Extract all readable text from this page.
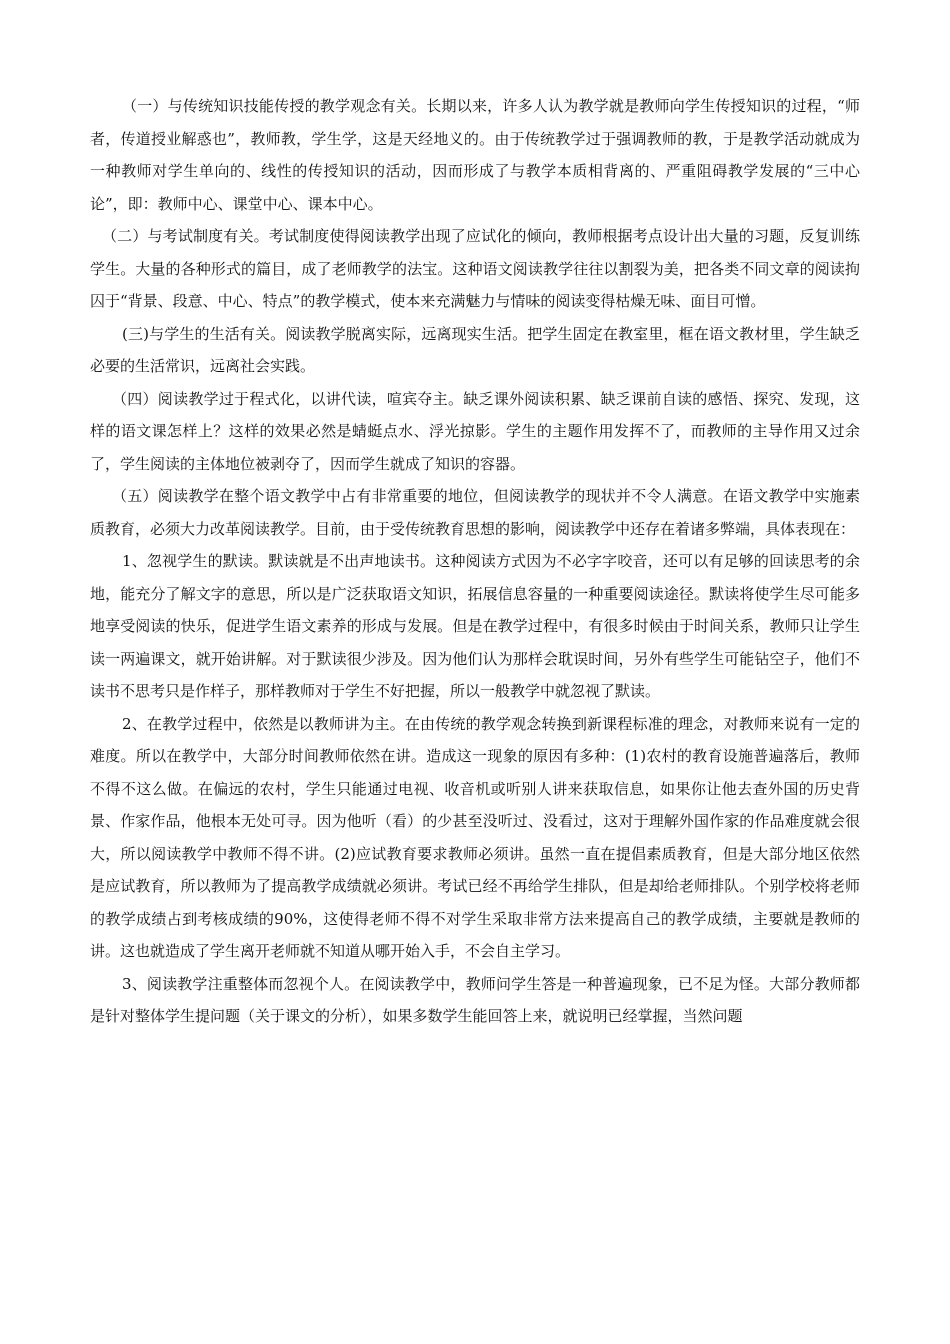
（一）与传统知识技能传授的教学观念有关。长期以来，许多人认为教学就是教师向学生传授知识的过程，“师者，传道授业解惑也”，教师教，学生学，这是天经地义的。由于传统教学过于强调教师的教，于是教学活动就成为一种教师对学生单向的、线性的传授知识的活动，因而形成了与教学本质相背离的、严重阻碍教学发展的“三中心论”，即：教师中心、课堂中心、课本中心。

（二）与考试制度有关。考试制度使得阅读教学出现了应试化的倾向，教师根据考点设计出大量的习题，反复训练学生。大量的各种形式的篇目，成了老师教学的法宝。这种语文阅读教学往往以割裂为美，把各类不同文章的阅读拘囚于“背景、段意、中心、特点”的教学模式，使本来充满魅力与情味的阅读变得枯燥无味、面目可憎。

(三)与学生的生活有关。阅读教学脱离实际，远离现实生活。把学生固定在教室里，框在语文教材里，学生缺乏必要的生活常识，远离社会实践。

（四）阅读教学过于程式化，以讲代读，喧宾夺主。缺乏课外阅读积累、缺乏课前自读的感悟、探究、发现，这样的语文课怎样上？这样的效果必然是蜻蜓点水、浮光掠影。学生的主题作用发挥不了，而教师的主导作用又过余了，学生阅读的主体地位被剥夺了，因而学生就成了知识的容器。

（五）阅读教学在整个语文教学中占有非常重要的地位，但阅读教学的现状并不令人满意。在语文教学中实施素质教育，必须大力改革阅读教学。目前，由于受传统教育思想的影响，阅读教学中还存在着诸多弊端，具体表现在：

1、忽视学生的默读。默读就是不出声地读书。这种阅读方式因为不必字字咬音，还可以有足够的回读思考的余地，能充分了解文字的意思，所以是广泛获取语文知识，拓展信息容量的一种重要阅读途径。默读将使学生尽可能多地享受阅读的快乐，促进学生语文素养的形成与发展。但是在教学过程中，有很多时候由于时间关系，教师只让学生读一两遍课文，就开始讲解。对于默读很少涉及。因为他们认为那样会耽误时间，另外有些学生可能钻空子，他们不读书不思考只是作样子，那样教师对于学生不好把握，所以一般教学中就忽视了默读。

2、在教学过程中，依然是以教师讲为主。在由传统的教学观念转换到新课程标准的理念，对教师来说有一定的难度。所以在教学中，大部分时间教师依然在讲。造成这一现象的原因有多种：(1)农村的教育设施普遍落后，教师不得不这么做。在偏远的农村，学生只能通过电视、收音机或听别人讲来获取信息，如果你让他去查外国的历史背景、作家作品，他根本无处可寻。因为他听（看）的少甚至没听过、没看过，这对于理解外国作家的作品难度就会很大，所以阅读教学中教师不得不讲。(2)应试教育要求教师必须讲。虽然一直在提倡素质教育，但是大部分地区依然是应试教育，所以教师为了提高教学成绩就必须讲。考试已经不再给学生排队，但是却给老师排队。个别学校将老师的教学成绩占到考核成绩的90%，这使得老师不得不对学生采取非常方法来提高自己的教学成绩，主要就是教师的讲。这也就造成了学生离开老师就不知道从哪开始入手，不会自主学习。

3、阅读教学注重整体而忽视个人。在阅读教学中，教师问学生答是一种普遍现象，已不足为怪。大部分教师都是针对整体学生提问题（关于课文的分析），如果多数学生能回答上来，就说明已经掌握，当然问题
